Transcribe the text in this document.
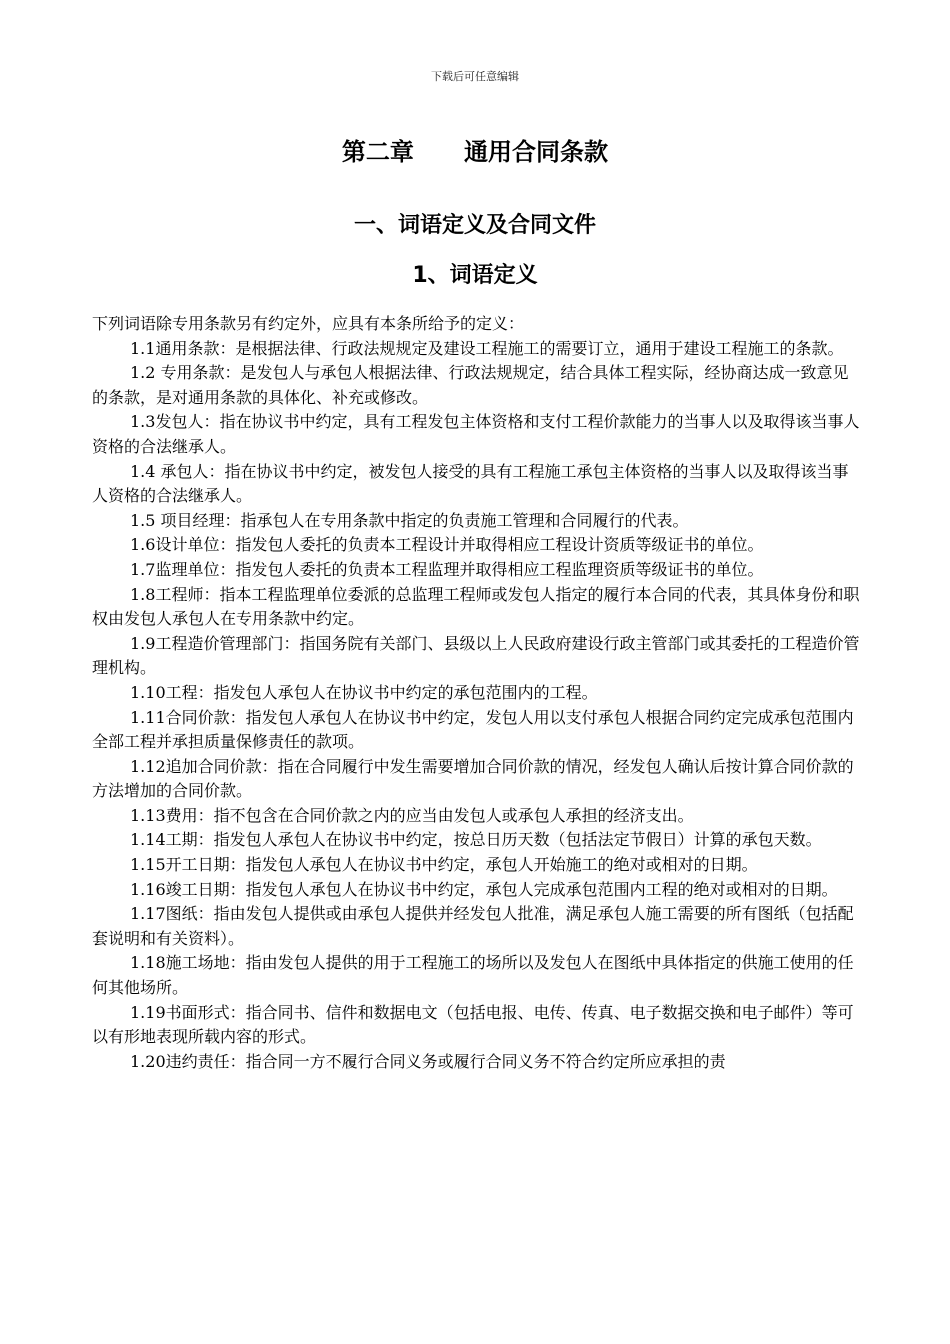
下载后可任意编辑
第二章      通用合同条款
一、词语定义及合同文件
1、词语定义

下列词语除专用条款另有约定外，应具有本条所给予的定义：

1.1通用条款：是根据法律、行政法规规定及建设工程施工的需要订立，通用于建设工程施工的条款。

1.2 专用条款：是发包人与承包人根据法律、行政法规规定，结合具体工程实际，经协商达成一致意见的条款，是对通用条款的具体化、补充或修改。

1.3发包人：指在协议书中约定，具有工程发包主体资格和支付工程价款能力的当事人以及取得该当事人资格的合法继承人。

1.4 承包人：指在协议书中约定，被发包人接受的具有工程施工承包主体资格的当事人以及取得该当事人资格的合法继承人。

1.5 项目经理：指承包人在专用条款中指定的负责施工管理和合同履行的代表。

1.6设计单位：指发包人委托的负责本工程设计并取得相应工程设计资质等级证书的单位。

1.7监理单位：指发包人委托的负责本工程监理并取得相应工程监理资质等级证书的单位。

1.8工程师：指本工程监理单位委派的总监理工程师或发包人指定的履行本合同的代表，其具体身份和职权由发包人承包人在专用条款中约定。

1.9工程造价管理部门：指国务院有关部门、县级以上人民政府建设行政主管部门或其委托的工程造价管理机构。

1.10工程：指发包人承包人在协议书中约定的承包范围内的工程。

1.11合同价款：指发包人承包人在协议书中约定，发包人用以支付承包人根据合同约定完成承包范围内全部工程并承担质量保修责任的款项。

1.12追加合同价款：指在合同履行中发生需要增加合同价款的情况，经发包人确认后按计算合同价款的方法增加的合同价款。

1.13费用：指不包含在合同价款之内的应当由发包人或承包人承担的经济支出。

1.14工期：指发包人承包人在协议书中约定，按总日历天数（包括法定节假日）计算的承包天数。

1.15开工日期：指发包人承包人在协议书中约定，承包人开始施工的绝对或相对的日期。

1.16竣工日期：指发包人承包人在协议书中约定，承包人完成承包范围内工程的绝对或相对的日期。

1.17图纸：指由发包人提供或由承包人提供并经发包人批准，满足承包人施工需要的所有图纸（包括配套说明和有关资料）。

1.18施工场地：指由发包人提供的用于工程施工的场所以及发包人在图纸中具体指定的供施工使用的任何其他场所。

1.19书面形式：指合同书、信件和数据电文（包括电报、电传、传真、电子数据交换和电子邮件）等可以有形地表现所载内容的形式。

1.20违约责任：指合同一方不履行合同义务或履行合同义务不符合约定所应承担的责
